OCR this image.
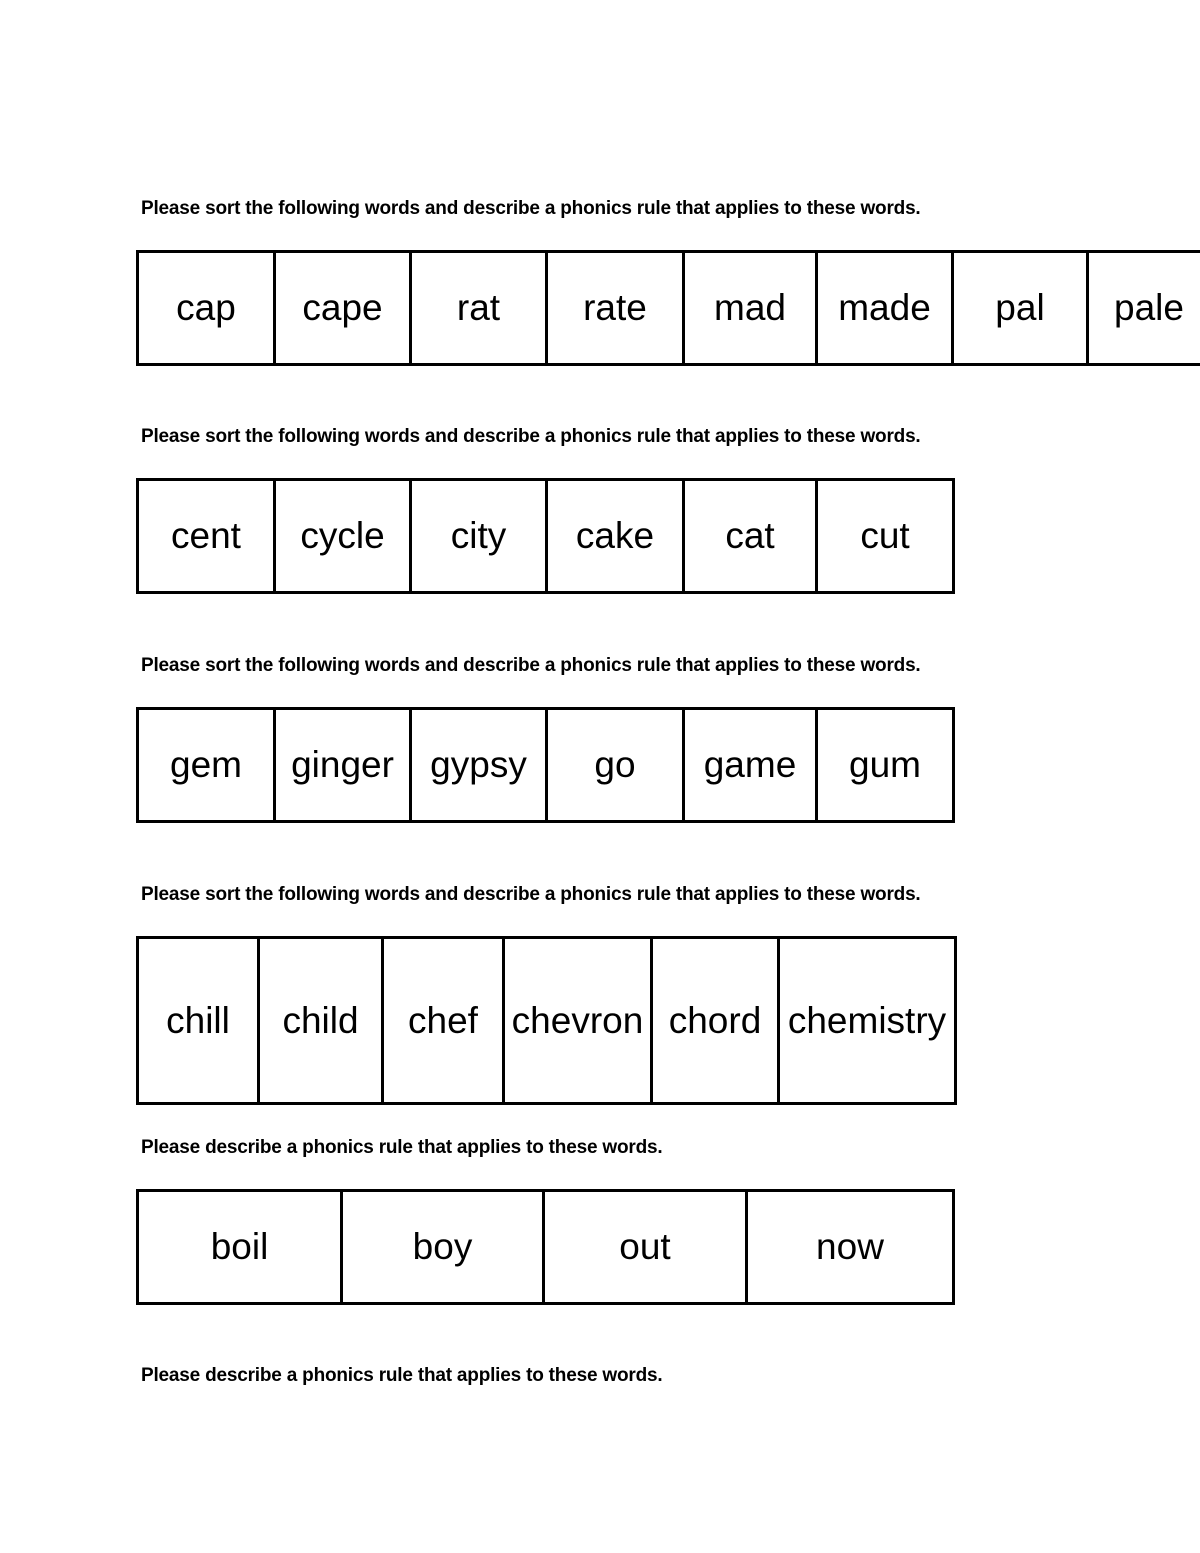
Please sort the following words and describe a phonics rule that applies to these words.
cap	cape	rat	rate	mad	made	pal	pale
Please sort the following words and describe a phonics rule that applies to these words.
cent	cycle	city	cake	cat	cut
Please sort the following words and describe a phonics rule that applies to these words.
gem	ginger	gypsy	go	game	gum
Please sort the following words and describe a phonics rule that applies to these words.
chill	child	chef	chevron	chord	chemistry
Please describe a phonics rule that applies to these words.
boil	boy	out	now
Please describe a phonics rule that applies to these words.
